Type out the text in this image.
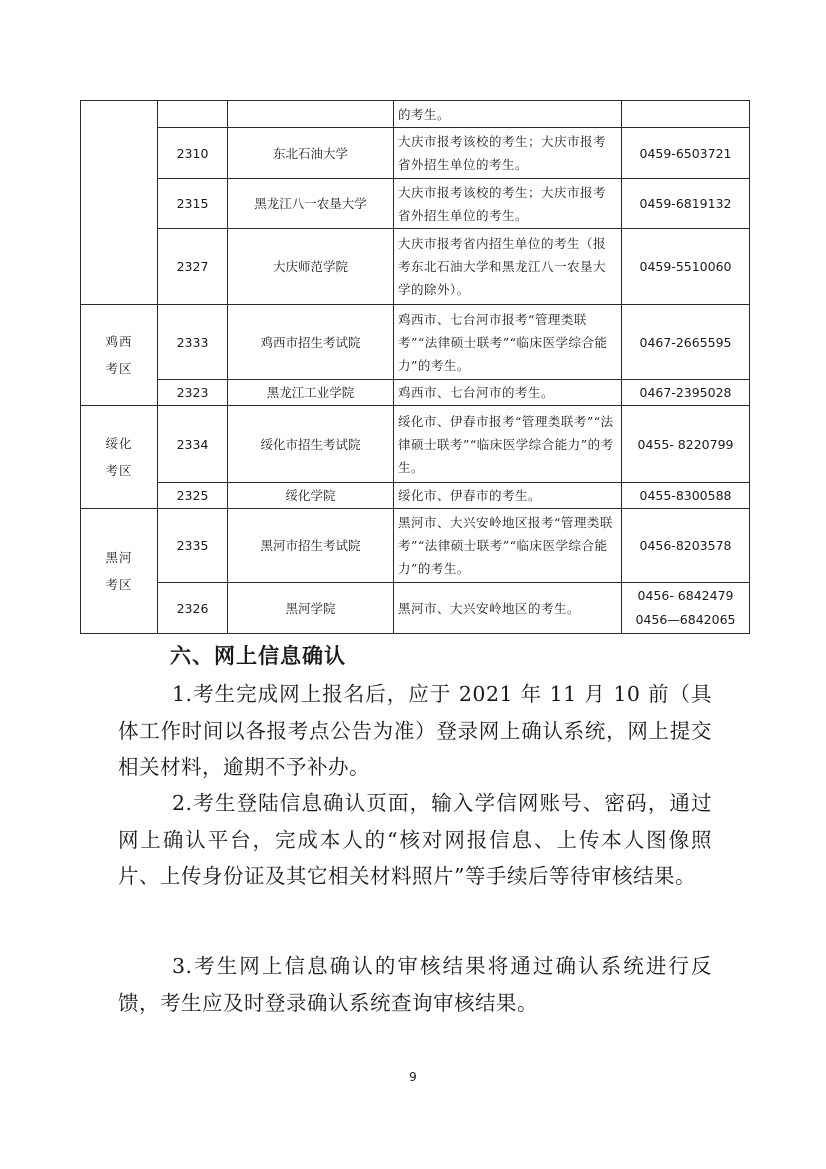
			的考生。	
	2310	东北石油大学	大庆市报考该校的考生；大庆市报考省外招生单位的考生。	0459-6503721
	2315	黑龙江八一农垦大学	大庆市报考该校的考生；大庆市报考省外招生单位的考生。	0459-6819132
	2327	大庆师范学院	大庆市报考省内招生单位的考生（报考东北石油大学和黑龙江八一农垦大学的除外）。	0459-5510060

鸡西
考区	2333	鸡西市招生考试院	鸡西市、七台河市报考“管理类联考”“法律硕士联考”“临床医学综合能力”的考生。	0467-2665595
	2323	黑龙江工业学院	鸡西市、七台河市的考生。	0467-2395028

绥化
考区	2334	绥化市招生考试院	绥化市、伊春市报考“管理类联考”“法律硕士联考”“临床医学综合能力”的考生。	0455- 8220799
	2325	绥化学院	绥化市、伊春市的考生。	0455-8300588

黑河
考区	2335	黑河市招生考试院	黑河市、大兴安岭地区报考“管理类联考”“法律硕士联考”“临床医学综合能力”的考生。	0456-8203578
	2326	黑河学院	黑河市、大兴安岭地区的考生。	0456- 6842479
0456—6842065
六、网上信息确认

1.考生完成网上报名后，应于 2021 年 11 月 10 前（具体工作时间以各报考点公告为准）登录网上确认系统，网上提交相关材料，逾期不予补办。

2.考生登陆信息确认页面，输入学信网账号、密码，通过网上确认平台，完成本人的“核对网报信息、上传本人图像照片、上传身份证及其它相关材料照片”等手续后等待审核结果。

3.考生网上信息确认的审核结果将通过确认系统进行反馈，考生应及时登录确认系统查询审核结果。

9
